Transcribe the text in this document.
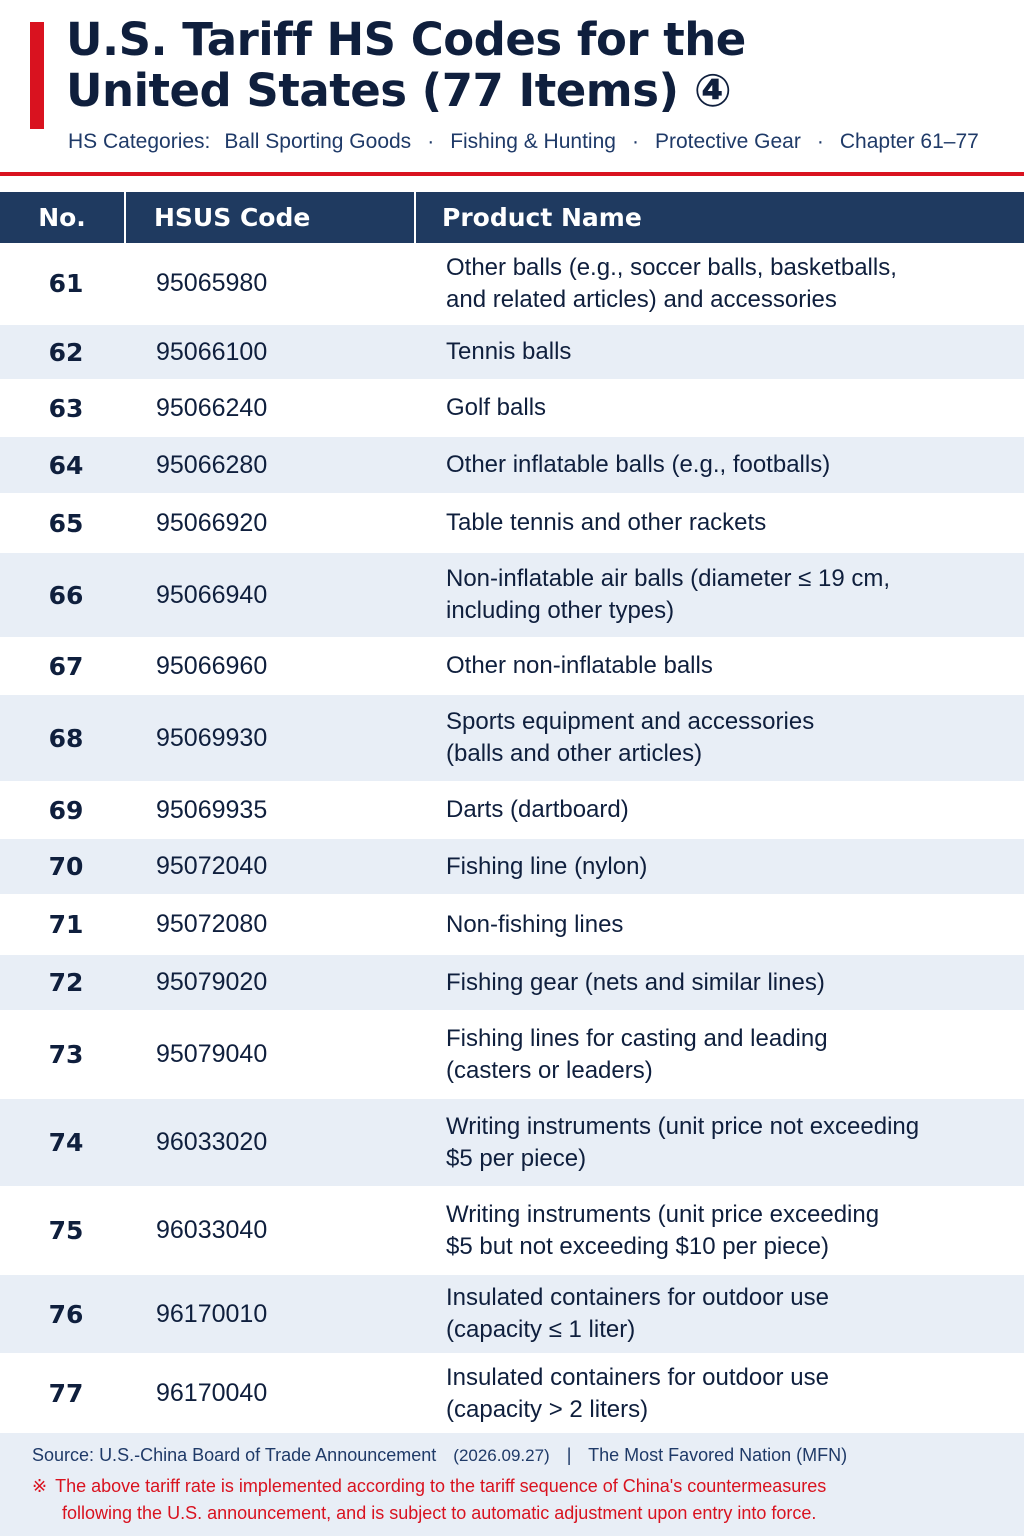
U.S. Tariff HS Codes for the
United States (77 Items) ④
HS Categories: Ball Sporting Goods · Fishing & Hunting · Protective Gear · Chapter 61–77
No.	HSUS Code	Product Name
61	95065980
Other balls (e.g., soccer balls, basketballs,
and related articles) and accessories
62	95066100	Tennis balls
63	95066240	Golf balls
64	95066280	Other inflatable balls (e.g., footballs)
65	95066920	Table tennis and other rackets
66	95066940
Non-inflatable air balls (diameter ≤ 19 cm,
including other types)
67	95066960	Other non-inflatable balls
68	95069930
Sports equipment and accessories
(balls and other articles)
69	95069935	Darts (dartboard)
70	95072040	Fishing line (nylon)
71	95072080	Non-fishing lines
72	95079020	Fishing gear (nets and similar lines)
73	95079040
Fishing lines for casting and leading
(casters or leaders)
74	96033020
Writing instruments (unit price not exceeding
$5 per piece)
75	96033040
Writing instruments (unit price exceeding
$5 but not exceeding $10 per piece)
76	96170010
Insulated containers for outdoor use
(capacity ≤ 1 liter)
77	96170040
Insulated containers for outdoor use
(capacity > 2 liters)
Source: U.S.-China Board of Trade Announcement (2026.09.27) | The Most Favored Nation (MFN)
※ The above tariff rate is implemented according to the tariff sequence of China's countermeasures
following the U.S. announcement, and is subject to automatic adjustment upon entry into force.
